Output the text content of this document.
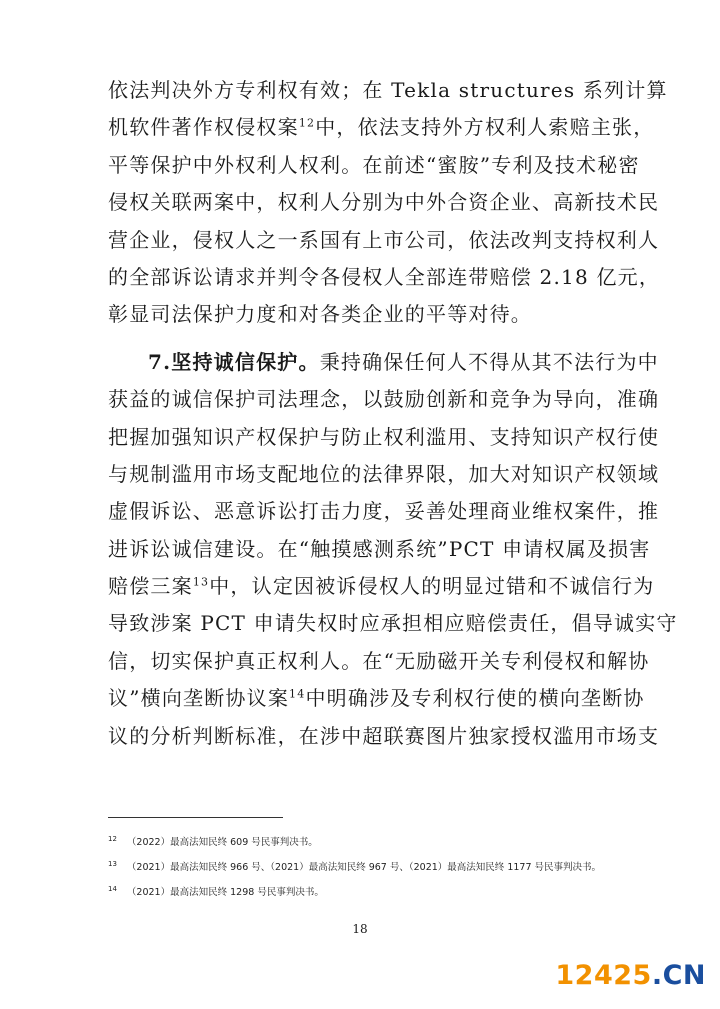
依法判决外方专利权有效；在 Tekla structures 系列计算
机软件著作权侵权案$^{12}$中，依法支持外方权利人索赔主张，
平等保护中外权利人权利。在前述“蜜胺”专利及技术秘密
侵权关联两案中，权利人分别为中外合资企业、高新技术民
营企业，侵权人之一系国有上市公司，依法改判支持权利人
的全部诉讼请求并判令各侵权人全部连带赔偿 2.18 亿元，
彰显司法保护力度和对各类企业的平等对待。
7.坚持诚信保护。秉持确保任何人不得从其不法行为中
获益的诚信保护司法理念，以鼓励创新和竞争为导向，准确
把握加强知识产权保护与防止权利滥用、支持知识产权行使
与规制滥用市场支配地位的法律界限，加大对知识产权领域
虚假诉讼、恶意诉讼打击力度，妥善处理商业维权案件，推
进诉讼诚信建设。在“触摸感测系统”PCT 申请权属及损害
赔偿三案$^{13}$中，认定因被诉侵权人的明显过错和不诚信行为
导致涉案 PCT 申请失权时应承担相应赔偿责任，倡导诚实守
信，切实保护真正权利人。在“无励磁开关专利侵权和解协
议”横向垄断协议案$^{14}$中明确涉及专利权行使的横向垄断协
议的分析判断标准，在涉中超联赛图片独家授权滥用市场支
$^{12}$ （2022）最高法知民终 609 号民事判决书。
$^{13}$ （2021）最高法知民终 966 号、（2021）最高法知民终 967 号、（2021）最高法知民终 1177 号民事判决书。
$^{14}$ （2021）最高法知民终 1298 号民事判决书。
18
12425.CN
